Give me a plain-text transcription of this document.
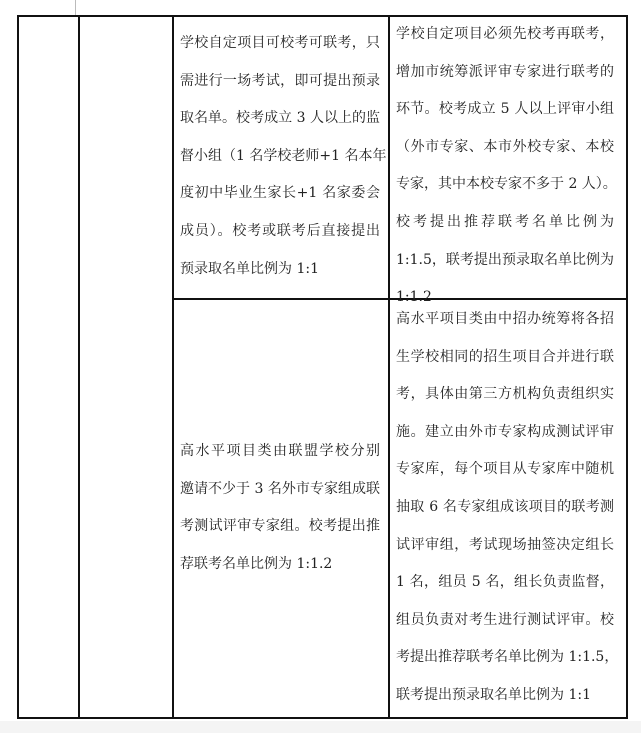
学校自定项目可校考可联考，只
需进行一场考试，即可提出预录
取名单。校考成立 3 人以上的监
督小组（1 名学校老师+1 名本年
度初中毕业生家长+1 名家委会
成员）。校考或联考后直接提出
预录取名单比例为 1:1
学校自定项目必须先校考再联考，
增加市统筹派评审专家进行联考的
环节。校考成立 5 人以上评审小组
（外市专家、本市外校专家、本校
专家，其中本校专家不多于 2 人）。
校考提出推荐联考名单比例为
1:1.5，联考提出预录取名单比例为
1:1.2
高水平项目类由联盟学校分别
邀请不少于 3 名外市专家组成联
考测试评审专家组。校考提出推
荐联考名单比例为 1:1.2
高水平项目类由中招办统筹将各招
生学校相同的招生项目合并进行联
考，具体由第三方机构负责组织实
施。建立由外市专家构成测试评审
专家库，每个项目从专家库中随机
抽取 6 名专家组成该项目的联考测
试评审组，考试现场抽签决定组长
1 名，组员 5 名，组长负责监督，
组员负责对考生进行测试评审。校
考提出推荐联考名单比例为 1:1.5，
联考提出预录取名单比例为 1:1
